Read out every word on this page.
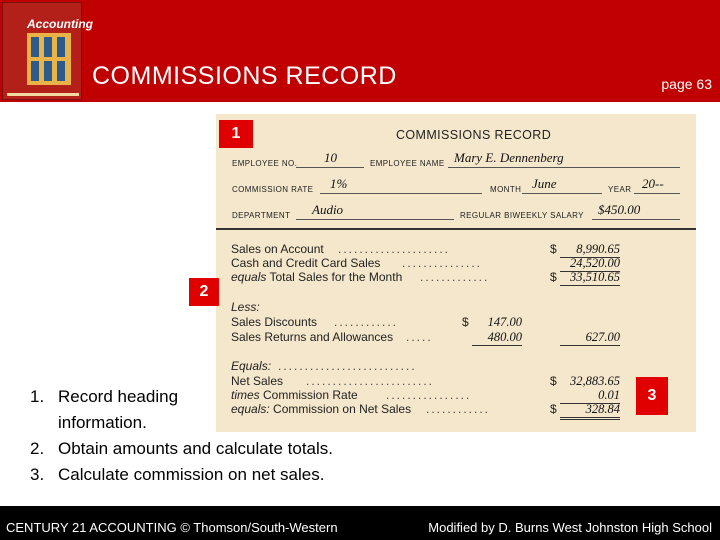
Accounting
COMMISSIONS RECORD	page 63
COMMISSIONS RECORD
EMPLOYEE NO. 10	EMPLOYEE NAME Mary E. Dennenberg
COMMISSION RATE 1%	MONTH June	YEAR 20--
DEPARTMENT Audio	REGULAR BIWEEKLY SALARY $450.00
Sales on Account .....................	$	8,990.65
Cash and Credit Card Sales ...............	24,520.00
equals Total Sales for the Month .............	$	33,510.65
Less:
Sales Discounts ............	$	147.00
Sales Returns and Allowances .....	480.00	627.00
Equals: ..........................
Net Sales ........................	$	32,883.65
times Commission Rate ................	0.01
equals: Commission on Net Sales ............	$	328.84
1
2
3
1. Record heading
information.
2. Obtain amounts and calculate totals.
3. Calculate commission on net sales.
CENTURY 21 ACCOUNTING © Thomson/South-Western	Modified by D. Burns West Johnston High School
